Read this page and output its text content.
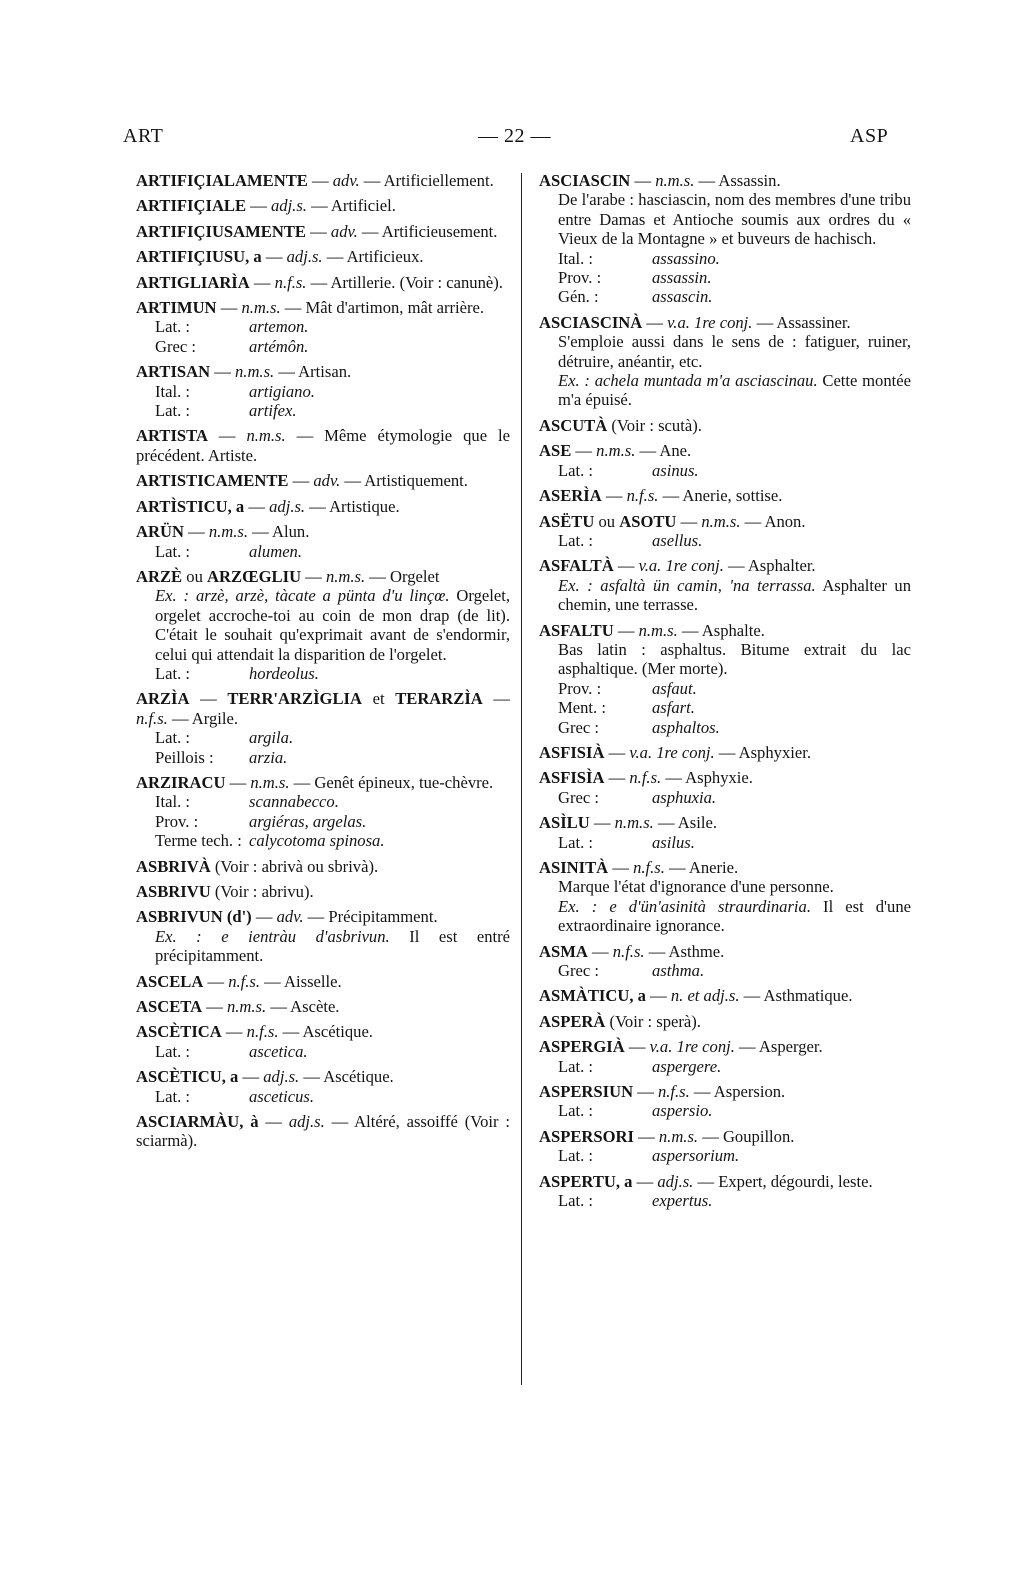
ART	— 22 —	ASP
ARTIFIÇIALAMENTE — adv. — Artificiellement.
ARTIFIÇIALE — adj.s. — Artificiel.
ARTIFIÇIUSAMENTE — adv. — Artificieusement.
ARTIFIÇIUSU, a — adj.s. — Artificieux.
ARTIGLIARÌA — n.f.s. — Artillerie. (Voir : canunè).
ARTIMUN — n.m.s. — Mât d'artimon, mât arrière.
Lat. :	artemon.
Grec :	artémôn.
ARTISAN — n.m.s. — Artisan.
Ital. :	artigiano.
Lat. :	artifex.
ARTISTA — n.m.s. — Même étymologie que le précédent. Artiste.
ARTISTICAMENTE — adv. — Artistiquement.
ARTÌSTICU, a — adj.s. — Artistique.
ARÜN — n.m.s. — Alun.
Lat. :	alumen.
ARZÈ ou ARZŒGLIU — n.m.s. — Orgelet
Ex. : arzè, arzè, tàcate a pünta d'u linçœ. Orgelet, orgelet accroche-toi au coin de mon drap (de lit). C'était le souhait qu'exprimait avant de s'endormir, celui qui attendait la disparition de l'orgelet.
Lat. :	hordeolus.
ARZÌA — TERR'ARZÌGLIA et TERARZÌA — n.f.s. — Argile.
Lat. :	argila.
Peillois : arzia.
ARZIRACU — n.m.s. — Genêt épineux, tue-chèvre.
Ital. :	scannabecco.
Prov. :	argiéras, argelas.
Terme tech. : calycotoma spinosa.
ASBRIVÀ (Voir : abrivà ou sbrivà).
ASBRIVU (Voir : abrivu).
ASBRIVUN (d') — adv. — Précipitamment.
Ex. : e ientràu d'asbrivun. Il est entré précipitamment.
ASCELA — n.f.s. — Aisselle.
ASCETA — n.m.s. — Ascète.
ASCÈTICA — n.f.s. — Ascétique.
Lat. :	ascetica.
ASCÈTICU, a — adj.s. — Ascétique.
Lat. :	asceticus.
ASCIARMÀU, à — adj.s. — Altéré, assoiffé (Voir : sciarmà).
ASCIASCIN — n.m.s. — Assassin.
De l'arabe : hasciascin, nom des membres d'une tribu entre Damas et Antioche soumis aux ordres du « Vieux de la Montagne » et buveurs de hachisch.
Ital. :	assassino.
Prov. :	assassin.
Gén. :	assascin.
ASCIASCINÀ — v.a. 1re conj. — Assassiner.
S'emploie aussi dans le sens de : fatiguer, ruiner, détruire, anéantir, etc.
Ex. : achela muntada m'a asciascinau. Cette montée m'a épuisé.
ASCUTÀ (Voir : scutà).
ASE — n.m.s. — Ane.
Lat. :	asinus.
ASERÌA — n.f.s. — Anerie, sottise.
ASËTU ou ASOTU — n.m.s. — Anon.
Lat. :	asellus.
ASFALTÀ — v.a. 1re conj. — Asphalter.
Ex. : asfaltà ün camin, 'na terrassa. Asphalter un chemin, une terrasse.
ASFALTU — n.m.s. — Asphalte.
Bas latin : asphaltus. Bitume extrait du lac asphaltique. (Mer morte).
Prov. :	asfaut.
Ment. :	asfart.
Grec :	asphaltos.
ASFISIÀ — v.a. 1re conj. — Asphyxier.
ASFISÌA — n.f.s. — Asphyxie.
Grec :	asphuxia.
ASÌLU — n.m.s. — Asile.
Lat. :	asilus.
ASINITÀ — n.f.s. — Anerie.
Marque l'état d'ignorance d'une personne.
Ex. : e d'ün'asinità straurdinaria. Il est d'une extraordinaire ignorance.
ASMA — n.f.s. — Asthme.
Grec :	asthma.
ASMÀTICU, a — n. et adj.s. — Asthmatique.
ASPERÀ (Voir : sperà).
ASPERGIÀ — v.a. 1re conj. — Asperger.
Lat. :	aspergere.
ASPERSIUN — n.f.s. — Aspersion.
Lat. :	aspersio.
ASPERSORI — n.m.s. — Goupillon.
Lat. :	aspersorium.
ASPERTU, a — adj.s. — Expert, dégourdi, leste.
Lat. :	expertus.
